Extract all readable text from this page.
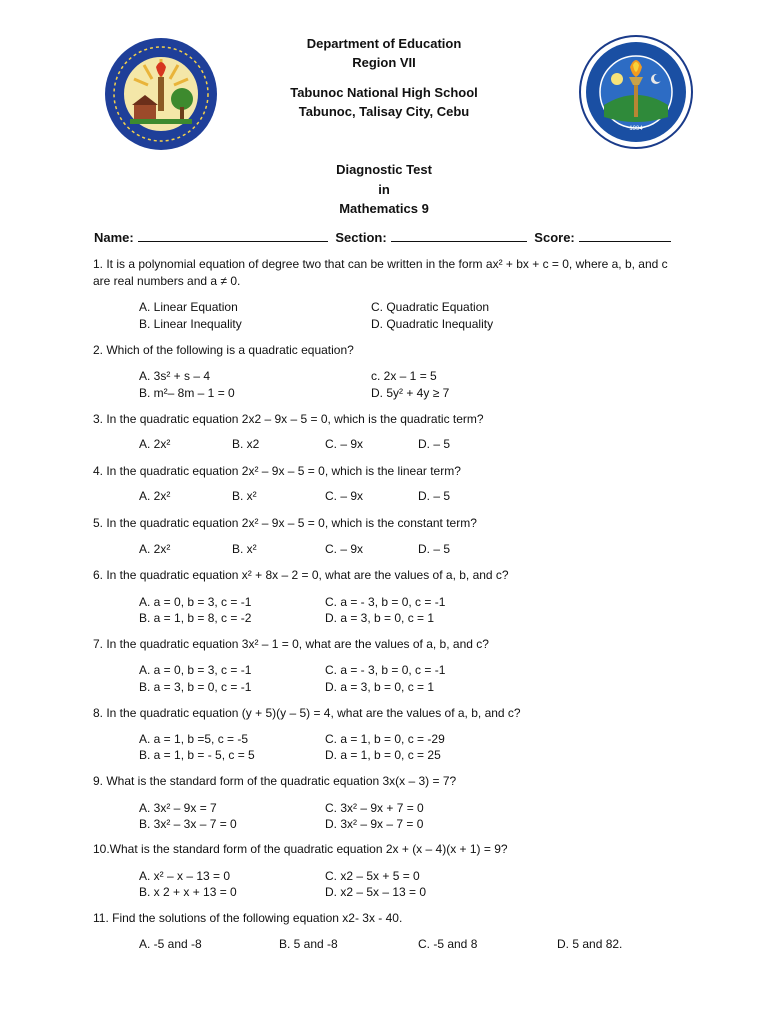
1994
Department of Education
Region VII
Tabunoc National High School
Tabunoc, Talisay City, Cebu
Diagnostic Test
in
Mathematics 9
Name:	Section:	Score:
1. It is a polynomial equation of degree two that can be written in the form ax² + bx + c = 0, where a, b, and c are real numbers and a ≠ 0.
A. Linear Equation	C. Quadratic Equation
B. Linear Inequality	D. Quadratic Inequality
2. Which of the following is a quadratic equation?
A. 3s² + s – 4	c. 2x – 1 = 5
B. m²– 8m – 1 = 0	D. 5y² + 4y ≥ 7
3. In the quadratic equation 2x2 – 9x – 5 = 0, which is the quadratic term?
A. 2x²	B. x2	C. – 9x	D. – 5
4. In the quadratic equation 2x² – 9x – 5 = 0, which is the linear term?
A. 2x²	B. x²	C. – 9x	D. – 5
5. In the quadratic equation 2x² – 9x – 5 = 0, which is the constant term?
A. 2x²	B. x²	C. – 9x	D. – 5
6. In the quadratic equation x² + 8x – 2 = 0, what are the values of a, b, and c?
A. a = 0, b = 3, c = -1	C. a = - 3, b = 0, c = -1
B. a = 1, b = 8, c = -2	D. a = 3, b = 0, c = 1
7. In the quadratic equation 3x² – 1 = 0, what are the values of a, b, and c?
A. a = 0, b = 3, c = -1	C. a = - 3, b = 0, c = -1
B. a = 3, b = 0, c = -1	D. a = 3, b = 0, c = 1
8. In the quadratic equation (y + 5)(y – 5) = 4, what are the values of a, b, and c?
A. a = 1, b =5, c = -5	C. a = 1, b = 0, c = -29
B. a = 1, b = - 5, c = 5	D. a = 1, b = 0, c = 25
9. What is the standard form of the quadratic equation 3x(x – 3) = 7?
A. 3x² – 9x = 7	C. 3x² – 9x + 7 = 0
B. 3x² – 3x – 7 = 0	D. 3x² – 9x – 7 = 0
10.What is the standard form of the quadratic equation 2x + (x – 4)(x + 1) = 9?
A. x² – x – 13 = 0	C. x2 – 5x + 5 = 0
B. x 2 + x + 13 = 0	D. x2 – 5x – 13 = 0
11. Find the solutions of the following equation x2- 3x - 40.
A. -5 and -8	B. 5 and -8	C. -5 and 8	D. 5 and 82.
